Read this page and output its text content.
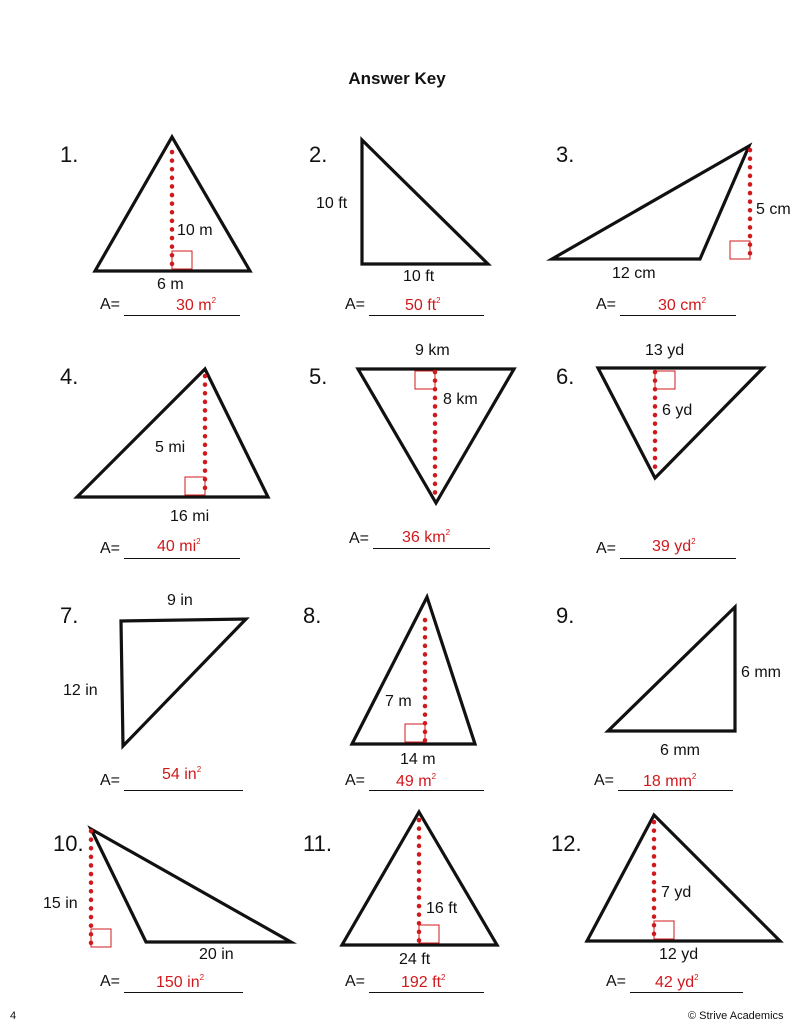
Answer Key
1.	2.	3.
4.	5.	6.
7.	8.	9.
10.	11.	12.
10 m
6 m
10 ft
10 ft
5 cm
12 cm
5 mi
16 mi
9 km
8 km
13 yd
6 yd
9 in
12 in
7 m
14 m
6 mm
6 mm
15 in
20 in
16 ft
24 ft
7 yd
12 yd
A=	30 $m^2$	A= 50 $ft^2$	A=	30 $cm^2$
A= 40 $mi^2$	A= 36 $km^2$
A= 39 $yd^2$
A=	54 $in^2$
A= 49 $m^2$	A= 18 $mm^2$
A= 150 $in^2$	A= 192 $ft^2$	A= 42 $yd^2$
4	© Strive Academics
